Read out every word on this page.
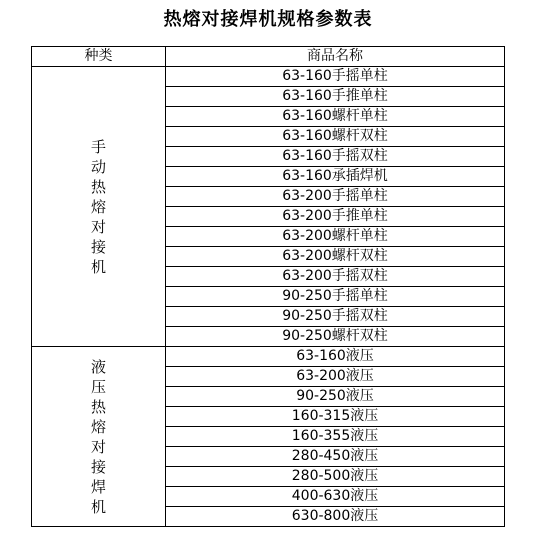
热熔对接焊机规格参数表
种类	商品名称

手动热熔对接机	63-160手摇单柱
	63-160手推单柱
	63-160螺杆单柱
	63-160螺杆双柱
	63-160手摇双柱
	63-160承插焊机
	63-200手摇单柱
	63-200手推单柱
	63-200螺杆单柱
	63-200螺杆双柱
	63-200手摇双柱
	90-250手摇单柱
	90-250手摇双柱
	90-250螺杆双柱

液压热熔对接焊机	63-160液压
	63-200液压
	90-250液压
	160-315液压
	160-355液压
	280-450液压
	280-500液压
	400-630液压
	630-800液压
